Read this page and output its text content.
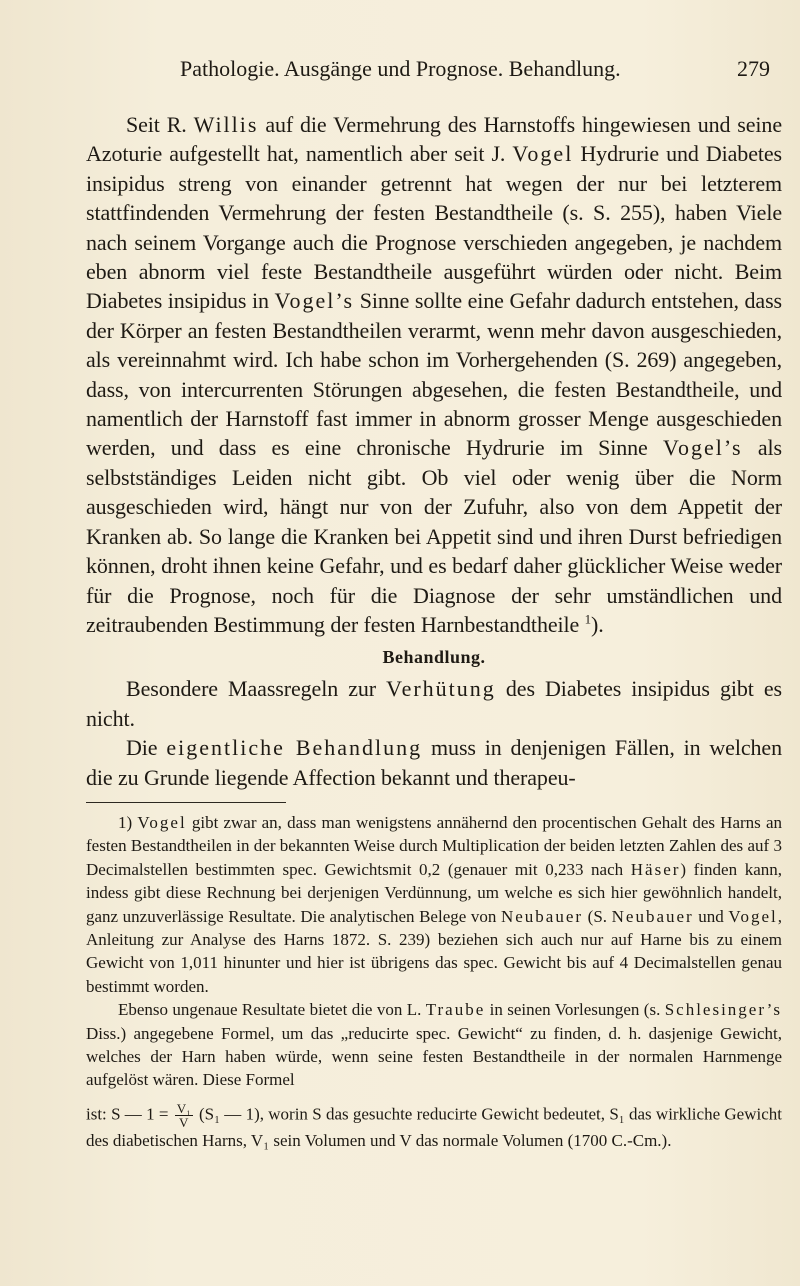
Pathologie. Ausgänge und Prognose. Behandlung.	279

Seit R. Willis auf die Vermehrung des Harnstoffs hingewiesen und seine Azoturie aufgestellt hat, namentlich aber seit J. Vogel Hydrurie und Diabetes insipidus streng von einander getrennt hat wegen der nur bei letzterem stattfindenden Vermehrung der festen Bestandtheile (s. S. 255), haben Viele nach seinem Vorgange auch die Prognose verschieden angegeben, je nachdem eben abnorm viel feste Bestandtheile ausgeführt würden oder nicht. Beim Diabetes insipidus in Vogel’s Sinne sollte eine Gefahr dadurch entstehen, dass der Körper an festen Bestandtheilen verarmt, wenn mehr davon ausgeschieden, als vereinnahmt wird. Ich habe schon im Vorhergehenden (S. 269) angegeben, dass, von intercurrenten Störungen abgesehen, die festen Bestandtheile, und namentlich der Harnstoff fast immer in abnorm grosser Menge ausgeschieden werden, und dass es eine chronische Hydrurie im Sinne Vogel’s als selbstständiges Leiden nicht gibt. Ob viel oder wenig über die Norm ausgeschieden wird, hängt nur von der Zufuhr, also von dem Appetit der Kranken ab. So lange die Kranken bei Appetit sind und ihren Durst befriedigen können, droht ihnen keine Gefahr, und es bedarf daher glücklicher Weise weder für die Prognose, noch für die Diagnose der sehr umständlichen und zeitraubenden Bestimmung der festen Harnbestandtheile $^1$).

Behandlung.

Besondere Maassregeln zur Verhütung des Diabetes insipidus gibt es nicht.

Die eigentliche Behandlung muss in denjenigen Fällen, in welchen die zu Grunde liegende Affection bekannt und therapeu-

1) Vogel gibt zwar an, dass man wenigstens annähernd den procentischen Gehalt des Harns an festen Bestandtheilen in der bekannten Weise durch Multiplication der beiden letzten Zahlen des auf 3 Decimalstellen bestimmten spec. Gewichtsmit 0,2 (genauer mit 0,233 nach Häser) finden kann, indess gibt diese Rechnung bei derjenigen Verdünnung, um welche es sich hier gewöhnlich handelt, ganz unzuverlässige Resultate. Die analytischen Belege von Neubauer (S. Neubauer und Vogel, Anleitung zur Analyse des Harns 1872. S. 239) beziehen sich auch nur auf Harne bis zu einem Gewicht von 1,011 hinunter und hier ist übrigens das spec. Gewicht bis auf 4 Decimalstellen genau bestimmt worden.

Ebenso ungenaue Resultate bietet die von L. Traube in seinen Vorlesungen (s. Schlesinger’s Diss.) angegebene Formel, um das „reducirte spec. Gewicht“ zu finden, d. h. dasjenige Gewicht, welches der Harn haben würde, wenn seine festen Bestandtheile in der normalen Harnmenge aufgelöst wären. Diese Formel

ist: S — $1 = \frac{\text{V₁}}{V} (S_1$ — 1), worin S das gesuchte reducirte Gewicht bedeutet, S₁ das wirkliche Gewicht des diabetischen Harns, V₁ sein Volumen und V das normale Volumen (1700 C.-Cm.).
